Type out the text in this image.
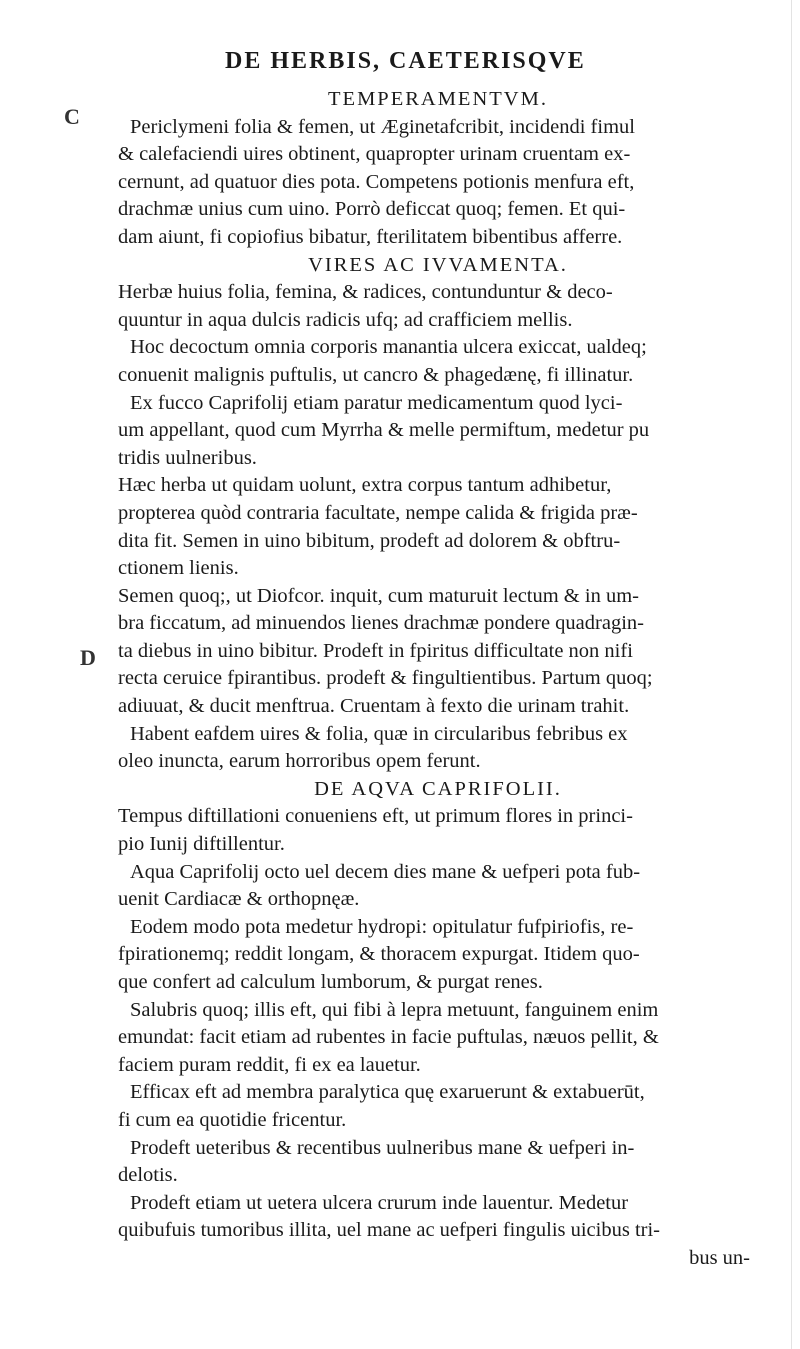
DE HERBIS, CAETERISQVE
C
D
TEMPERAMENTVM.
Periclymeni folia & femen, ut Æginetafcribit, incidendi fimul
& calefaciendi uires obtinent, quapropter urinam cruentam ex-
cernunt, ad quatuor dies pota. Competens potionis menfura eft,
drachmæ unius cum uino. Porrò deficcat quoq; femen. Et qui-
dam aiunt, fi copiofius bibatur, fterilitatem bibentibus afferre.
VIRES AC IVVAMENTA.
Herbæ huius folia, femina, & radices, contunduntur & deco-
quuntur in aqua dulcis radicis ufq; ad crafficiem mellis.
Hoc decoctum omnia corporis manantia ulcera exiccat, ualdeq;
conuenit malignis puftulis, ut cancro & phagedænę, fi illinatur.
Ex fucco Caprifolij etiam paratur medicamentum quod lyci-
um appellant, quod cum Myrrha & melle permiftum, medetur pu
tridis uulneribus.
Hæc herba ut quidam uolunt, extra corpus tantum adhibetur,
propterea quòd contraria facultate, nempe calida & frigida præ-
dita fit. Semen in uino bibitum, prodeft ad dolorem & obftru-
ctionem lienis.
Semen quoq;, ut Diofcor. inquit, cum maturuit lectum & in um-
bra ficcatum, ad minuendos lienes drachmæ pondere quadragin-
ta diebus in uino bibitur. Prodeft in fpiritus difficultate non nifi
recta ceruice fpirantibus. prodeft & fingultientibus. Partum quoq;
adiuuat, & ducit menftrua. Cruentam à fexto die urinam trahit.
Habent eafdem uires & folia, quæ in circularibus febribus ex
oleo inuncta, earum horroribus opem ferunt.
DE AQVA CAPRIFOLII.
Tempus diftillationi conueniens eft, ut primum flores in princi-
pio Iunij diftillentur.
Aqua Caprifolij octo uel decem dies mane & uefperi pota fub-
uenit Cardiacæ & orthopnęæ.
Eodem modo pota medetur hydropi: opitulatur fufpiriofis, re-
fpirationemq; reddit longam, & thoracem expurgat. Itidem quo-
que confert ad calculum lumborum, & purgat renes.
Salubris quoq; illis eft, qui fibi à lepra metuunt, fanguinem enim
emundat: facit etiam ad rubentes in facie puftulas, næuos pellit, &
faciem puram reddit, fi ex ea lauetur.
Efficax eft ad membra paralytica quę exaruerunt & extabuerūt,
fi cum ea quotidie fricentur.
Prodeft ueteribus & recentibus uulneribus mane & uefperi in-
delotis.
Prodeft etiam ut uetera ulcera crurum inde lauentur. Medetur
quibufuis tumoribus illita, uel mane ac uefperi fingulis uicibus tri-
bus un-
